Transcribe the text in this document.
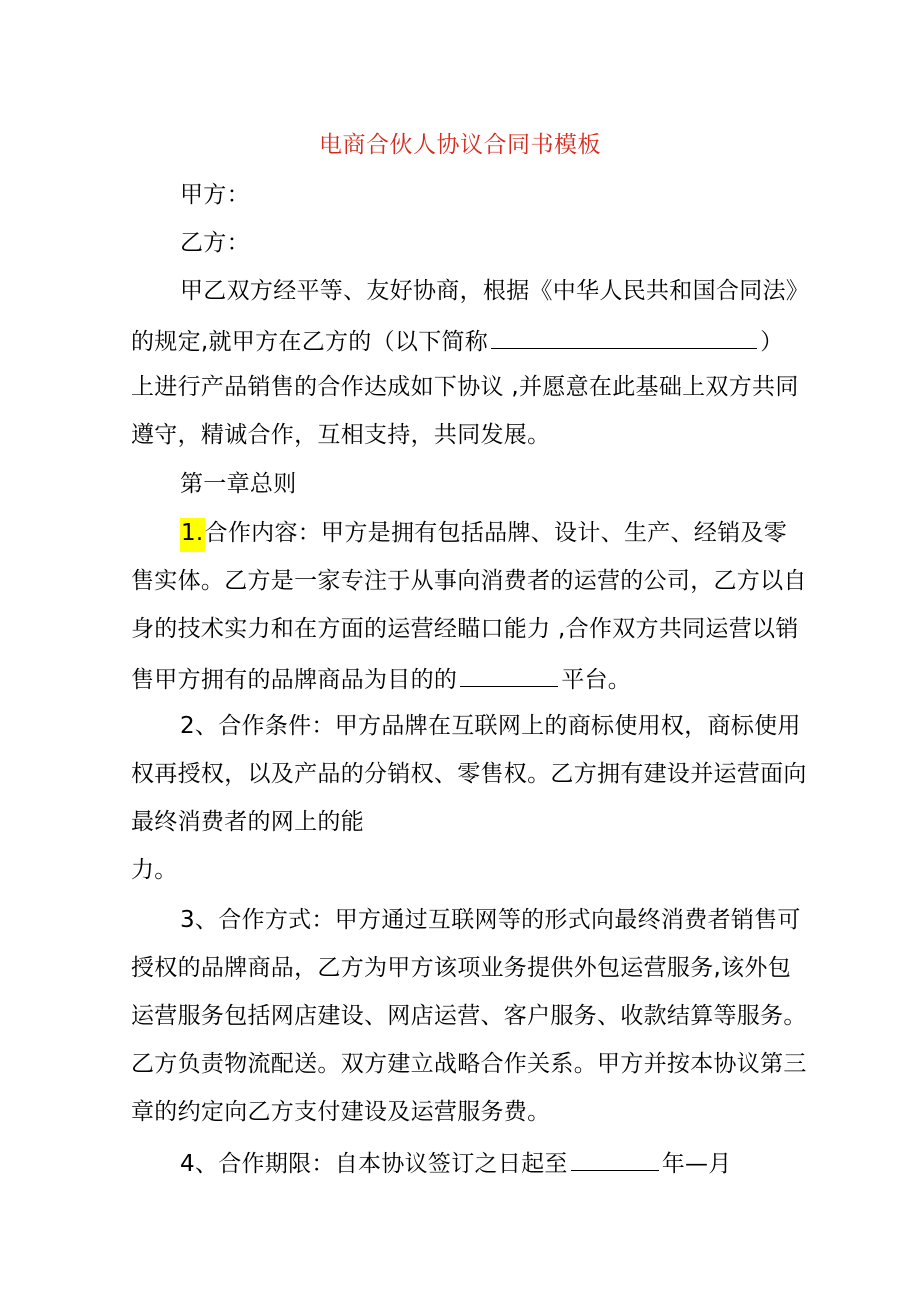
电商合伙人协议合同书模板
甲方：
乙方：
甲乙双方经平等、友好协商，根据《中华人民共和国合同法》
的规定,就甲方在乙方的（以下简称	）
上进行产品销售的合作达成如下协议 ,并愿意在此基础上双方共同
遵守，精诚合作，互相支持，共同发展。
第一章总则
1.合作内容：甲方是拥有包括品牌、设计、生产、经销及零
售实体。乙方是一家专注于从事向消费者的运营的公司，乙方以自
身的技术实力和在方面的运营经瞄口能力 ,合作双方共同运营以销
售甲方拥有的品牌商品为目的的	平台。
2、合作条件：甲方品牌在互联网上的商标使用权，商标使用
权再授权，以及产品的分销权、零售权。乙方拥有建设并运营面向
最终消费者的网上的能
力。
3、合作方式：甲方通过互联网等的形式向最终消费者销售可
授权的品牌商品，乙方为甲方该项业务提供外包运营服务,该外包
运营服务包括网店建设、网店运营、客户服务、收款结算等服务。
乙方负责物流配送。双方建立战略合作关系。甲方并按本协议第三
章的约定向乙方支付建设及运营服务费。
4、合作期限：自本协议签订之日起至	年—月
